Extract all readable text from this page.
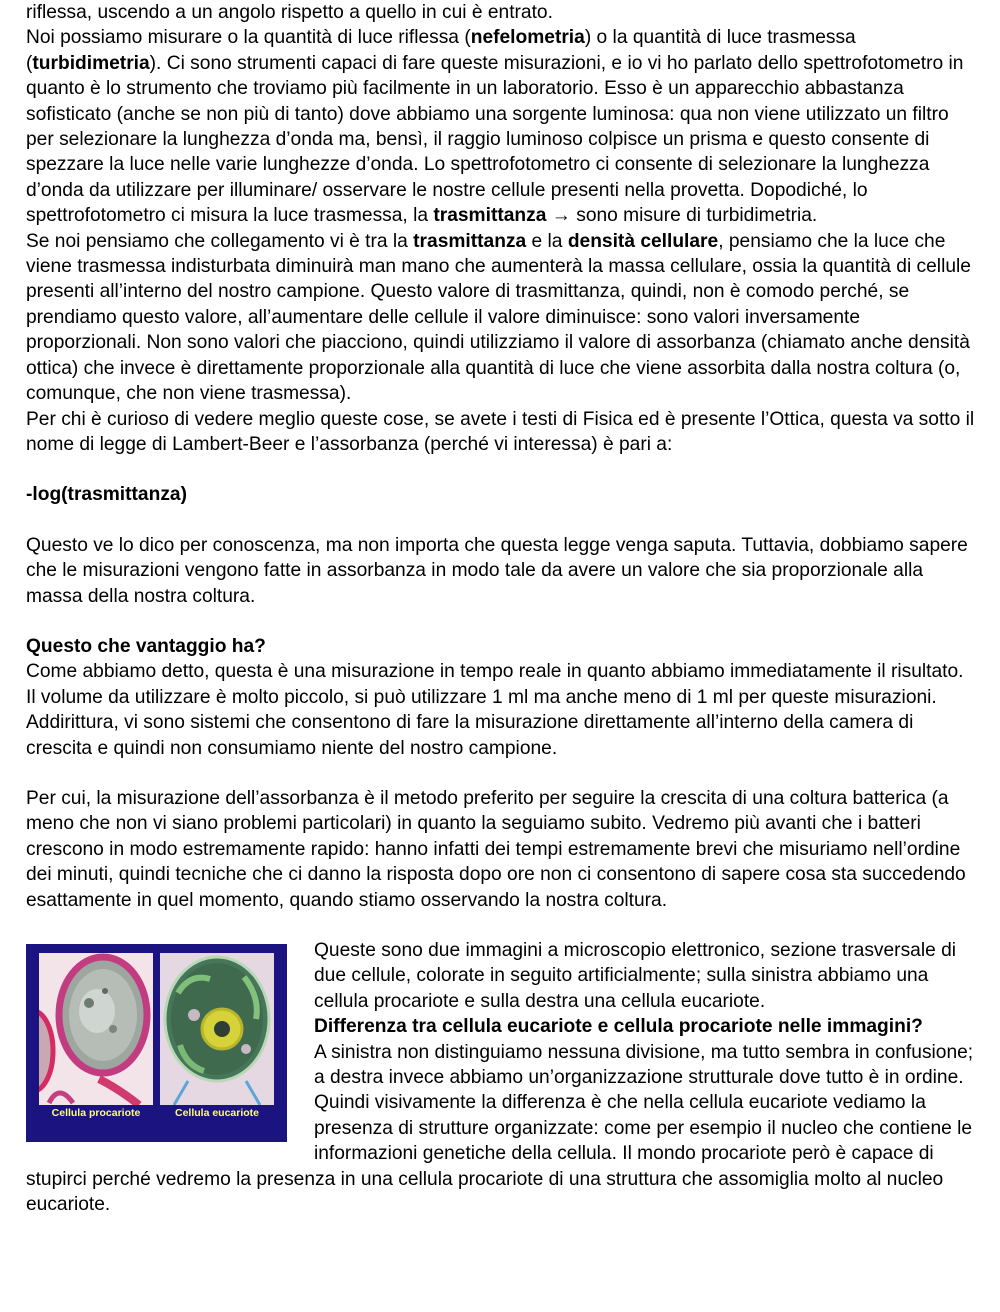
riflessa, uscendo a un angolo rispetto a quello in cui è entrato.
Noi possiamo misurare o la quantità di luce riflessa (nefelometria) o la quantità di luce trasmessa (turbidimetria). Ci sono strumenti capaci di fare queste misurazioni, e io vi ho parlato dello spettrofotometro in quanto è lo strumento che troviamo più facilmente in un laboratorio. Esso è un apparecchio abbastanza sofisticato (anche se non più di tanto) dove abbiamo una sorgente luminosa: qua non viene utilizzato un filtro per selezionare la lunghezza d’onda ma, bensì, il raggio luminoso colpisce un prisma e questo consente di spezzare la luce nelle varie lunghezze d’onda. Lo spettrofotometro ci consente di selezionare la lunghezza d’onda da utilizzare per illuminare/ osservare le nostre cellule presenti nella provetta. Dopodiché, lo spettrofotometro ci misura la luce trasmessa, la trasmittanza → sono misure di turbidimetria.

Se noi pensiamo che collegamento vi è tra la trasmittanza e la densità cellulare, pensiamo che la luce che viene trasmessa indisturbata diminuirà man mano che aumenterà la massa cellulare, ossia la quantità di cellule presenti all’interno del nostro campione. Questo valore di trasmittanza, quindi, non è comodo perché, se prendiamo questo valore, all’aumentare delle cellule il valore diminuisce: sono valori inversamente proporzionali. Non sono valori che piacciono, quindi utilizziamo il valore di assorbanza (chiamato anche densità ottica) che invece è direttamente proporzionale alla quantità di luce che viene assorbita dalla nostra coltura (o, comunque, che non viene trasmessa).
Per chi è curioso di vedere meglio queste cose, se avete i testi di Fisica ed è presente l’Ottica, questa va sotto il nome di legge di Lambert-Beer e l’assorbanza (perché vi interessa) è pari a:

-log(trasmittanza)

Questo ve lo dico per conoscenza, ma non importa che questa legge venga saputa. Tuttavia, dobbiamo sapere che le misurazioni vengono fatte in assorbanza in modo tale da avere un valore che sia proporzionale alla massa della nostra coltura.

Questo che vantaggio ha?

Come abbiamo detto, questa è una misurazione in tempo reale in quanto abbiamo immediatamente il risultato. Il volume da utilizzare è molto piccolo, si può utilizzare 1 ml ma anche meno di 1 ml per queste misurazioni. Addirittura, vi sono sistemi che consentono di fare la misurazione direttamente all’interno della camera di crescita e quindi non consumiamo niente del nostro campione.

Per cui, la misurazione dell’assorbanza è il metodo preferito per seguire la crescita di una coltura batterica (a meno che non vi siano problemi particolari) in quanto la seguiamo subito. Vedremo più avanti che i batteri crescono in modo estremamente rapido: hanno infatti dei tempi estremamente brevi che misuriamo nell’ordine dei minuti, quindi tecniche che ci danno la risposta dopo ore non ci consentono di sapere cosa sta succedendo esattamente in quel momento, quando stiamo osservando la nostra coltura.

Cellula procariote	Cellula eucariote

Queste sono due immagini a microscopio elettronico, sezione trasversale di due cellule, colorate in seguito artificialmente; sulla sinistra abbiamo una cellula procariote e sulla destra una cellula eucariote.

Differenza tra cellula eucariote e cellula procariote nelle immagini?

A sinistra non distinguiamo nessuna divisione, ma tutto sembra in confusione; a destra invece abbiamo un’organizzazione strutturale dove tutto è in ordine. Quindi visivamente la differenza è che nella cellula eucariote vediamo la presenza di strutture organizzate: come per esempio il nucleo che contiene le informazioni genetiche della cellula. Il mondo procariote però è capace di stupirci perché vedremo la presenza in una cellula procariote di una struttura che assomiglia molto al nucleo eucariote.
